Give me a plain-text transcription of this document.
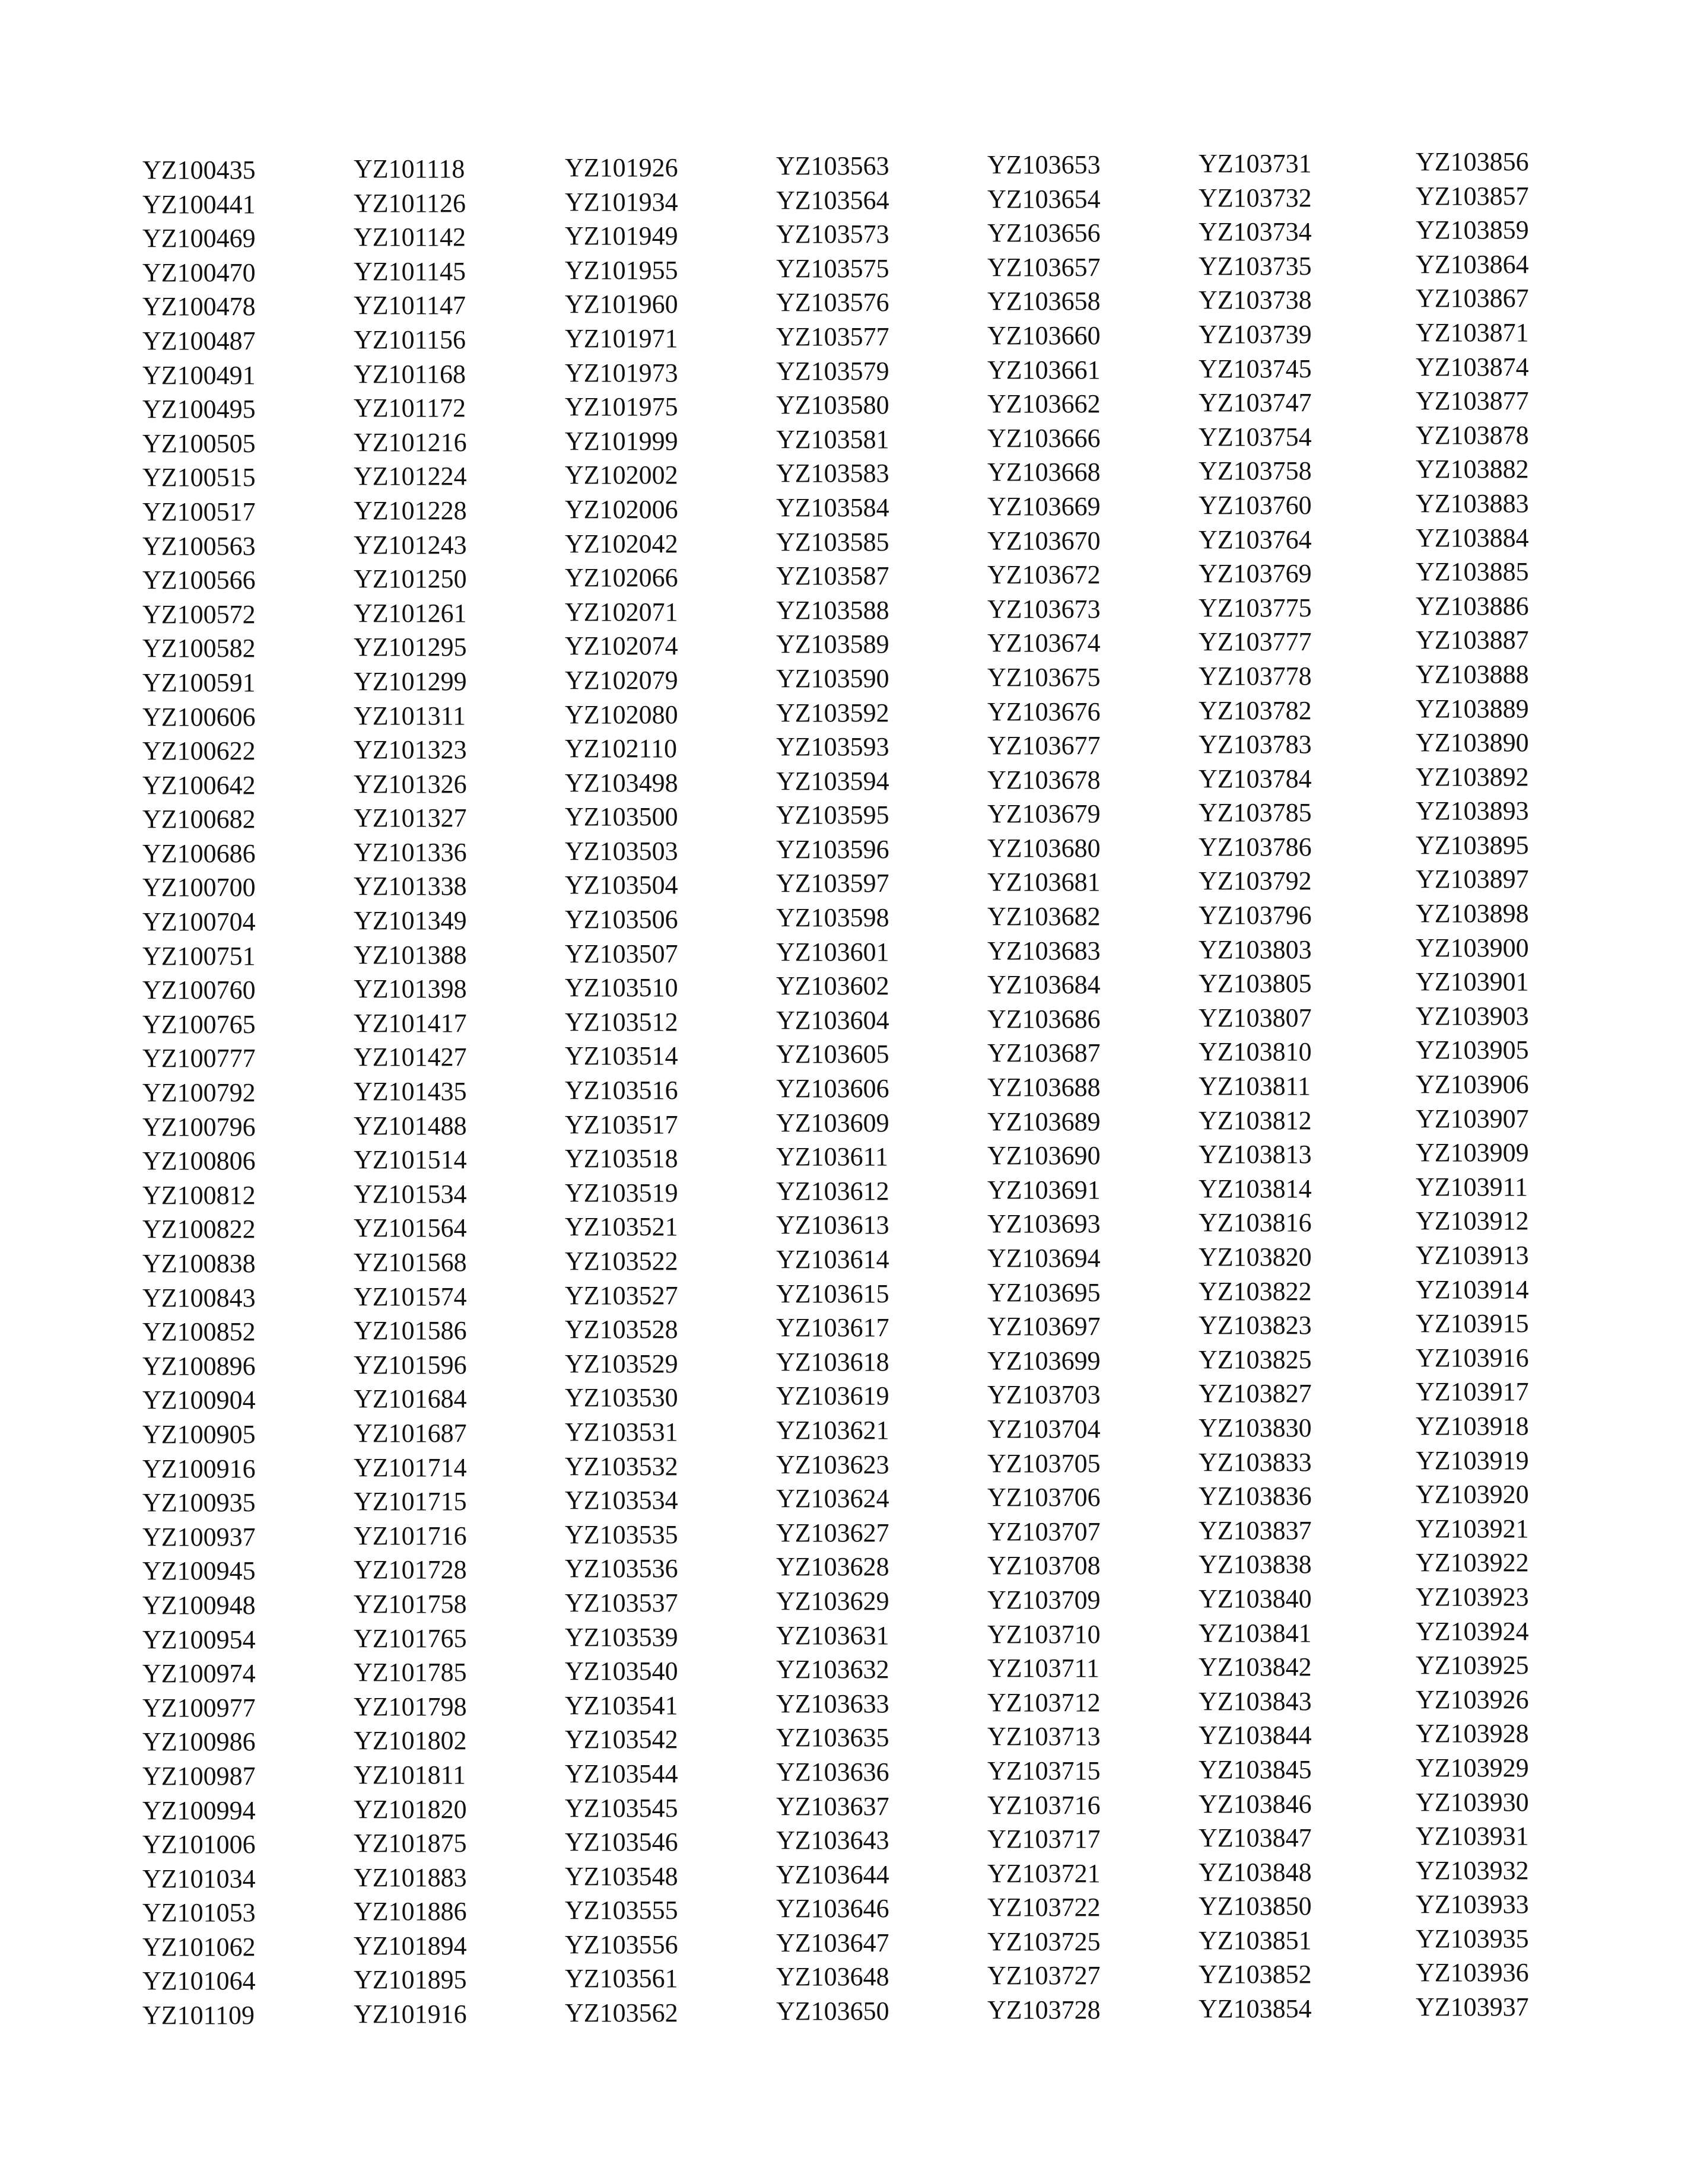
YZ100435
YZ100441
YZ100469
YZ100470
YZ100478
YZ100487
YZ100491
YZ100495
YZ100505
YZ100515
YZ100517
YZ100563
YZ100566
YZ100572
YZ100582
YZ100591
YZ100606
YZ100622
YZ100642
YZ100682
YZ100686
YZ100700
YZ100704
YZ100751
YZ100760
YZ100765
YZ100777
YZ100792
YZ100796
YZ100806
YZ100812
YZ100822
YZ100838
YZ100843
YZ100852
YZ100896
YZ100904
YZ100905
YZ100916
YZ100935
YZ100937
YZ100945
YZ100948
YZ100954
YZ100974
YZ100977
YZ100986
YZ100987
YZ100994
YZ101006
YZ101034
YZ101053
YZ101062
YZ101064
YZ101109
YZ101118
YZ101126
YZ101142
YZ101145
YZ101147
YZ101156
YZ101168
YZ101172
YZ101216
YZ101224
YZ101228
YZ101243
YZ101250
YZ101261
YZ101295
YZ101299
YZ101311
YZ101323
YZ101326
YZ101327
YZ101336
YZ101338
YZ101349
YZ101388
YZ101398
YZ101417
YZ101427
YZ101435
YZ101488
YZ101514
YZ101534
YZ101564
YZ101568
YZ101574
YZ101586
YZ101596
YZ101684
YZ101687
YZ101714
YZ101715
YZ101716
YZ101728
YZ101758
YZ101765
YZ101785
YZ101798
YZ101802
YZ101811
YZ101820
YZ101875
YZ101883
YZ101886
YZ101894
YZ101895
YZ101916
YZ101926
YZ101934
YZ101949
YZ101955
YZ101960
YZ101971
YZ101973
YZ101975
YZ101999
YZ102002
YZ102006
YZ102042
YZ102066
YZ102071
YZ102074
YZ102079
YZ102080
YZ102110
YZ103498
YZ103500
YZ103503
YZ103504
YZ103506
YZ103507
YZ103510
YZ103512
YZ103514
YZ103516
YZ103517
YZ103518
YZ103519
YZ103521
YZ103522
YZ103527
YZ103528
YZ103529
YZ103530
YZ103531
YZ103532
YZ103534
YZ103535
YZ103536
YZ103537
YZ103539
YZ103540
YZ103541
YZ103542
YZ103544
YZ103545
YZ103546
YZ103548
YZ103555
YZ103556
YZ103561
YZ103562
YZ103563
YZ103564
YZ103573
YZ103575
YZ103576
YZ103577
YZ103579
YZ103580
YZ103581
YZ103583
YZ103584
YZ103585
YZ103587
YZ103588
YZ103589
YZ103590
YZ103592
YZ103593
YZ103594
YZ103595
YZ103596
YZ103597
YZ103598
YZ103601
YZ103602
YZ103604
YZ103605
YZ103606
YZ103609
YZ103611
YZ103612
YZ103613
YZ103614
YZ103615
YZ103617
YZ103618
YZ103619
YZ103621
YZ103623
YZ103624
YZ103627
YZ103628
YZ103629
YZ103631
YZ103632
YZ103633
YZ103635
YZ103636
YZ103637
YZ103643
YZ103644
YZ103646
YZ103647
YZ103648
YZ103650
YZ103653
YZ103654
YZ103656
YZ103657
YZ103658
YZ103660
YZ103661
YZ103662
YZ103666
YZ103668
YZ103669
YZ103670
YZ103672
YZ103673
YZ103674
YZ103675
YZ103676
YZ103677
YZ103678
YZ103679
YZ103680
YZ103681
YZ103682
YZ103683
YZ103684
YZ103686
YZ103687
YZ103688
YZ103689
YZ103690
YZ103691
YZ103693
YZ103694
YZ103695
YZ103697
YZ103699
YZ103703
YZ103704
YZ103705
YZ103706
YZ103707
YZ103708
YZ103709
YZ103710
YZ103711
YZ103712
YZ103713
YZ103715
YZ103716
YZ103717
YZ103721
YZ103722
YZ103725
YZ103727
YZ103728
YZ103731
YZ103732
YZ103734
YZ103735
YZ103738
YZ103739
YZ103745
YZ103747
YZ103754
YZ103758
YZ103760
YZ103764
YZ103769
YZ103775
YZ103777
YZ103778
YZ103782
YZ103783
YZ103784
YZ103785
YZ103786
YZ103792
YZ103796
YZ103803
YZ103805
YZ103807
YZ103810
YZ103811
YZ103812
YZ103813
YZ103814
YZ103816
YZ103820
YZ103822
YZ103823
YZ103825
YZ103827
YZ103830
YZ103833
YZ103836
YZ103837
YZ103838
YZ103840
YZ103841
YZ103842
YZ103843
YZ103844
YZ103845
YZ103846
YZ103847
YZ103848
YZ103850
YZ103851
YZ103852
YZ103854
YZ103856
YZ103857
YZ103859
YZ103864
YZ103867
YZ103871
YZ103874
YZ103877
YZ103878
YZ103882
YZ103883
YZ103884
YZ103885
YZ103886
YZ103887
YZ103888
YZ103889
YZ103890
YZ103892
YZ103893
YZ103895
YZ103897
YZ103898
YZ103900
YZ103901
YZ103903
YZ103905
YZ103906
YZ103907
YZ103909
YZ103911
YZ103912
YZ103913
YZ103914
YZ103915
YZ103916
YZ103917
YZ103918
YZ103919
YZ103920
YZ103921
YZ103922
YZ103923
YZ103924
YZ103925
YZ103926
YZ103928
YZ103929
YZ103930
YZ103931
YZ103932
YZ103933
YZ103935
YZ103936
YZ103937
